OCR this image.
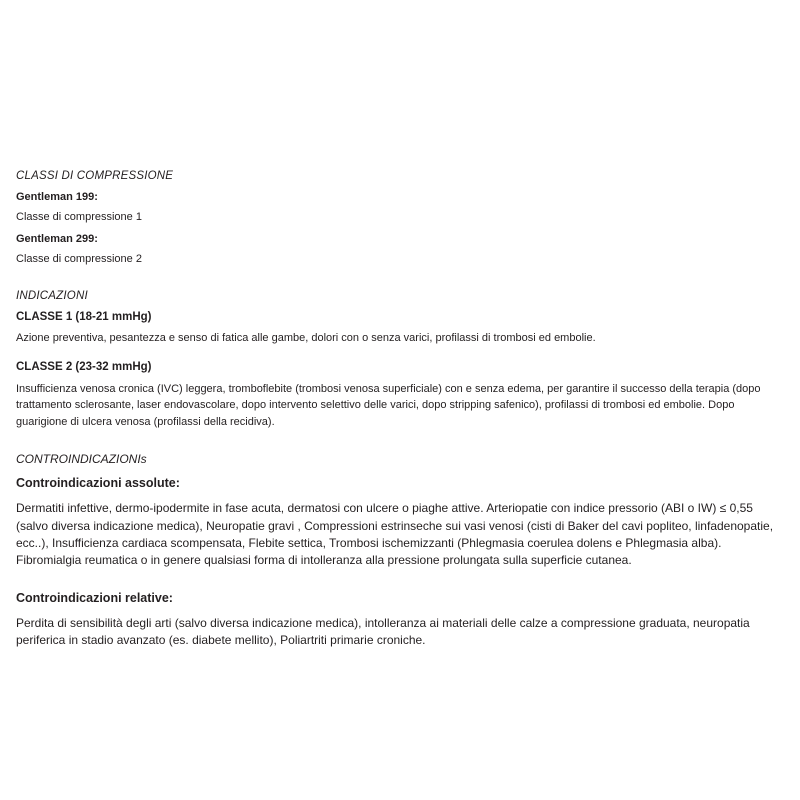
CLASSI DI COMPRESSIONE
Gentleman 199:
Classe di compressione 1
Gentleman 299:
Classe di compressione 2
INDICAZIONI
CLASSE 1 (18-21 mmHg)
Azione preventiva, pesantezza e senso di fatica alle gambe, dolori con o senza varici, profilassi di trombosi ed embolie.
CLASSE 2 (23-32 mmHg)
Insufficienza venosa cronica (IVC) leggera, tromboflebite (trombosi venosa superficiale) con e senza edema, per garantire il successo della terapia (dopo trattamento sclerosante, laser endovascolare, dopo intervento selettivo delle varici, dopo stripping safenico), profilassi di trombosi ed embolie. Dopo guarigione di ulcera venosa (profilassi della recidiva).
CONTROINDICAZIONIs
Controindicazioni assolute:
Dermatiti infettive, dermo-ipodermite in fase acuta, dermatosi con ulcere o piaghe attive. Arteriopatie con indice pressorio (ABI o IW) ≤ 0,55 (salvo diversa indicazione medica), Neuropatie gravi , Compressioni estrinseche sui vasi venosi (cisti di Baker del cavi popliteo, linfadenopatie, ecc..), Insufficienza cardiaca scompensata, Flebite settica, Trombosi ischemizzanti (Phlegmasia coerulea dolens e Phlegmasia alba). Fibromialgia reumatica o in genere qualsiasi forma di intolleranza alla pressione prolungata sulla superficie cutanea.
Controindicazioni relative:
Perdita di sensibilità degli arti (salvo diversa indicazione medica), intolleranza ai materiali delle calze a compressione graduata, neuropatia periferica in stadio avanzato (es. diabete mellito), Poliartriti primarie croniche.
